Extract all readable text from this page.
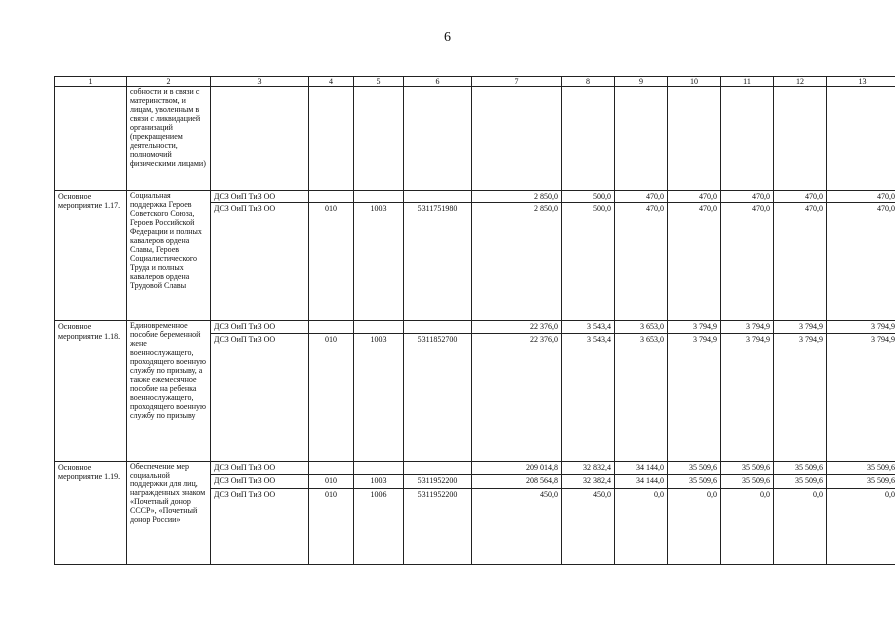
6
1	2	3	4	5	6	7	8	9	10	11	12	13
	собности и в связи с материнством, и лицам, уволенным в связи с ликвидацией организаций (прекращением деятельности, полномочий физическими лицами)											
Основное мероприятие 1.17.	Социальная поддержка Героев Советского Союза, Героев Российской Федерации и полных кавалеров ордена Славы, Героев Социалистического Труда и полных кавалеров ордена Трудовой Славы	ДСЗ ОиП ТиЗ ОО				2 850,0	500,0	470,0	470,0	470,0	470,0	470,0
		ДСЗ ОиП ТиЗ ОО	010	1003	5311751980	2 850,0	500,0	470,0	470,0	470,0	470,0	470,0
Основное мероприятие 1.18.	Единовременное пособие беременной жене военнослужащего, проходящего военную службу по призыву, а также ежемесячное пособие на ребенка военнослужащего, проходящего военную службу по призыву	ДСЗ ОиП ТиЗ ОО				22 376,0	3 543,4	3 653,0	3 794,9	3 794,9	3 794,9	3 794,9
		ДСЗ ОиП ТиЗ ОО	010	1003	5311852700	22 376,0	3 543,4	3 653,0	3 794,9	3 794,9	3 794,9	3 794,9
Основное мероприятие 1.19.	Обеспечение мер социальной поддержки для лиц, награжденных знаком «Почетный донор СССР», «Почетный донор России»	ДСЗ ОиП ТиЗ ОО				209 014,8	32 832,4	34 144,0	35 509,6	35 509,6	35 509,6	35 509,6
		ДСЗ ОиП ТиЗ ОО	010	1003	5311952200	208 564,8	32 382,4	34 144,0	35 509,6	35 509,6	35 509,6	35 509,6
		ДСЗ ОиП ТиЗ ОО	010	1006	5311952200	450,0	450,0	0,0	0,0	0,0	0,0	0,0
